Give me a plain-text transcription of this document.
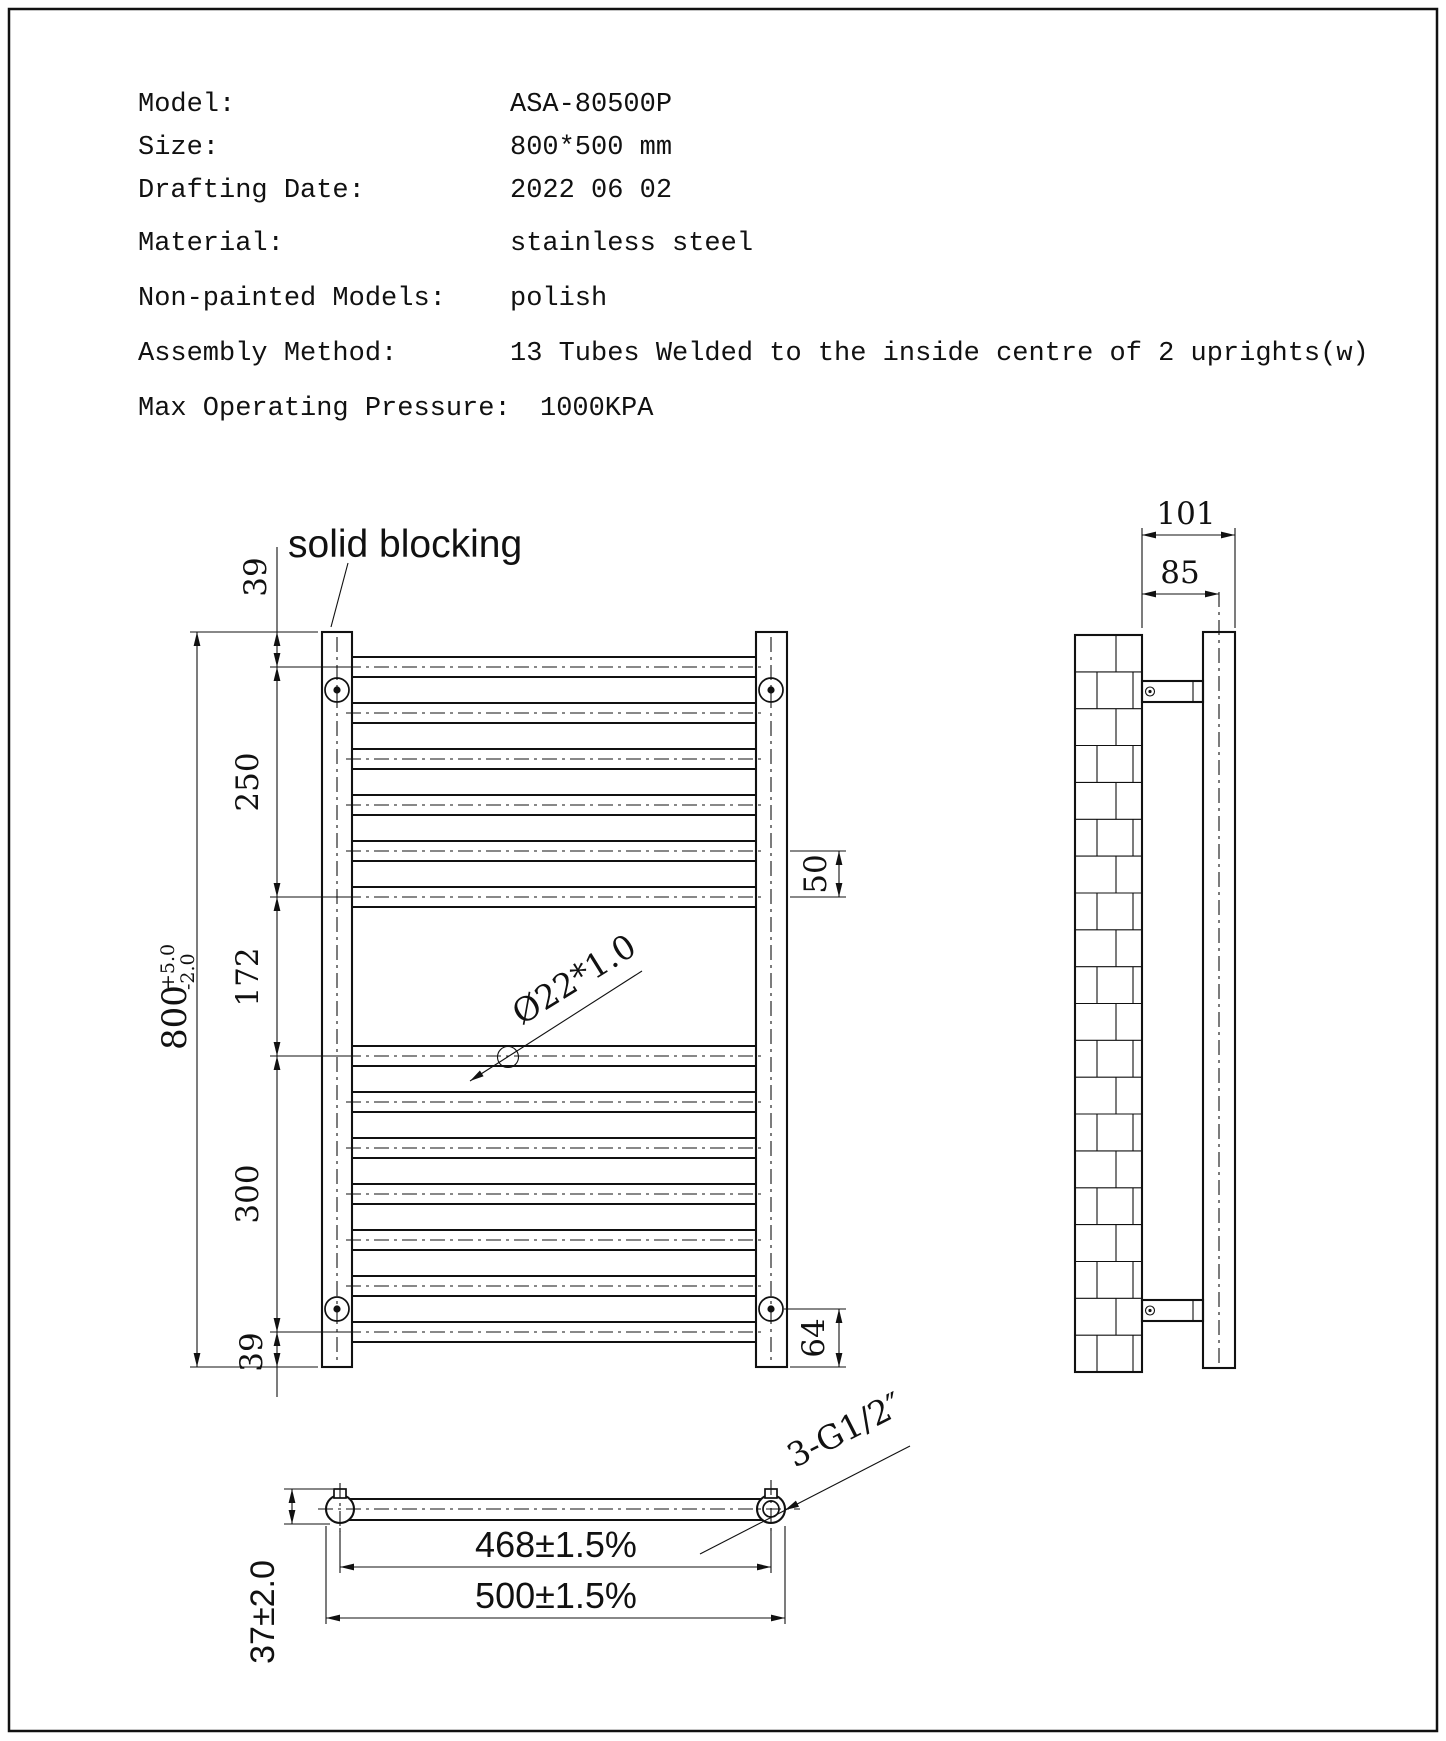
Model:	ASA-80500P
Size:	800*500 mm
Drafting Date:	2022 06 02
Material:	stainless steel
Non-painted Models: polish
Assembly Method:	13 Tubes Welded to the inside centre of 2 uprights(w)
Max Operating Pressure: 1000KPA
800
+5.0
-2.0
39
250
172
300
39
50
64
solid blocking
Ø22*1.0
101
85
468±1.5%
500±1.5%
37±2.0
3-G1/2″
